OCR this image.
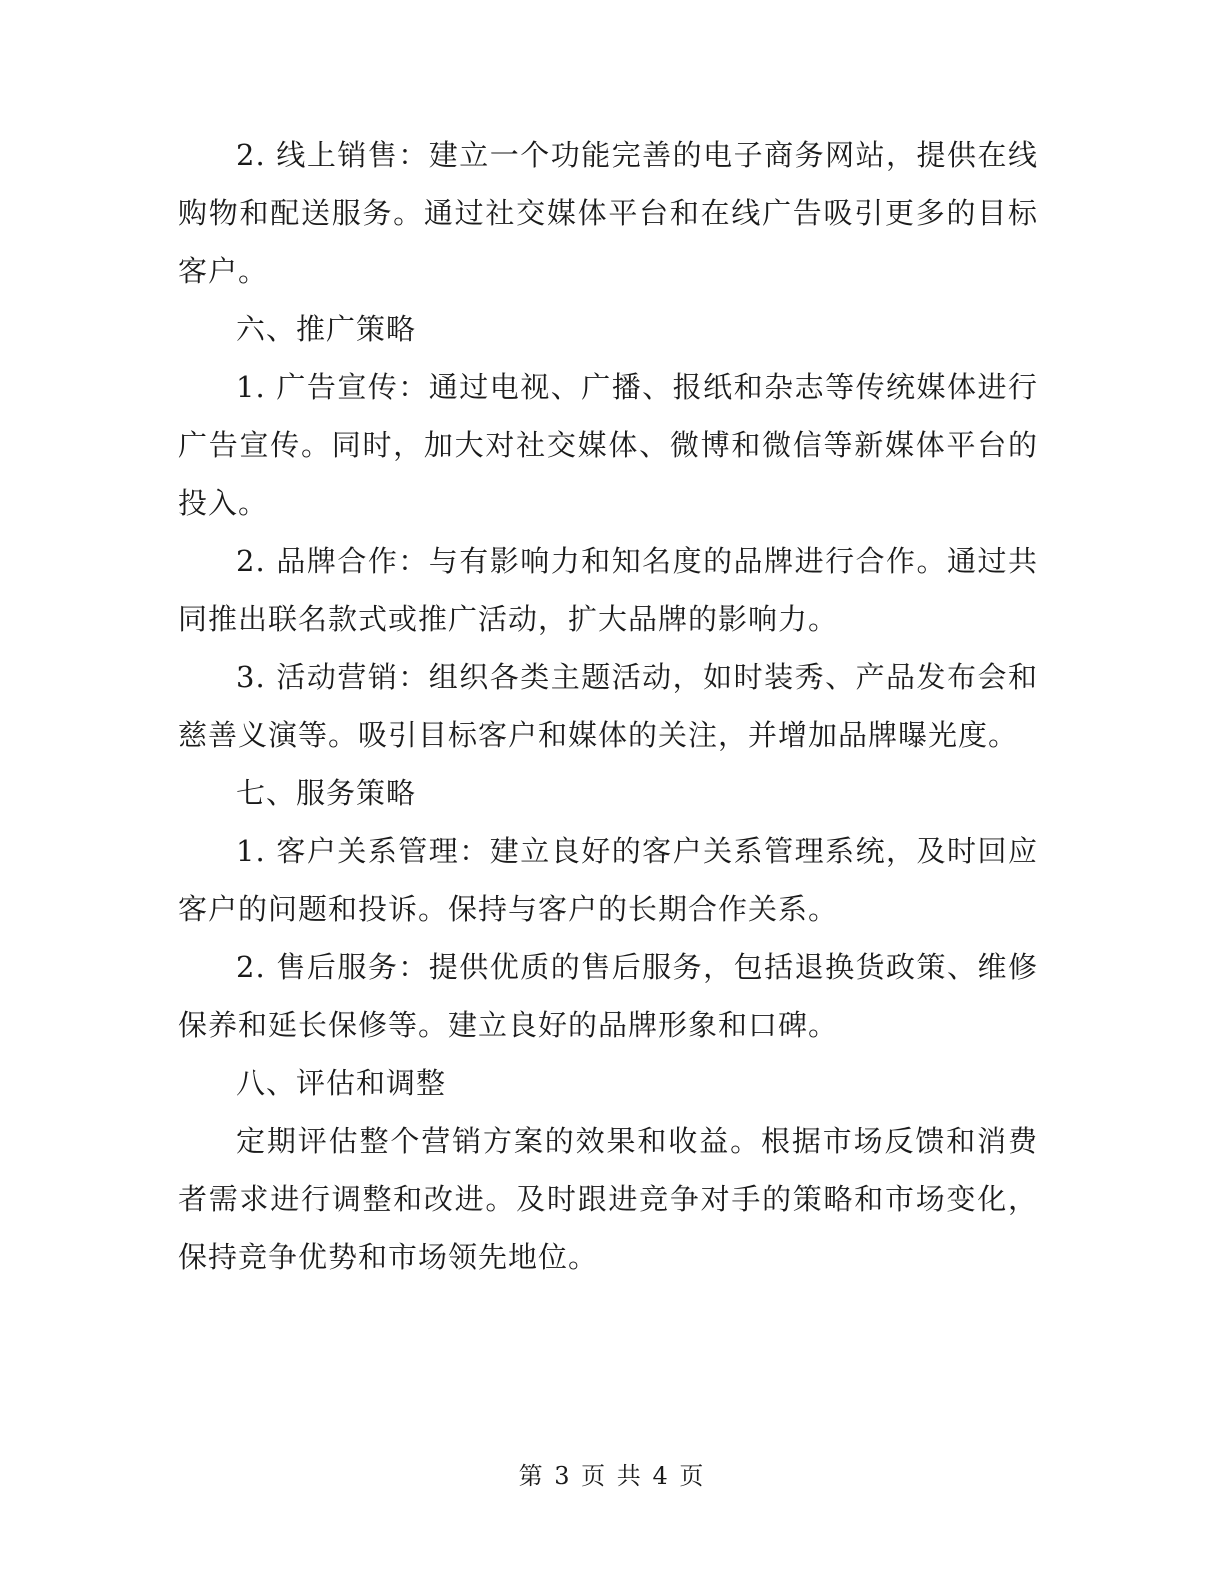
2. 线上销售：建立一个功能完善的电子商务网站，提供在线购物和配送服务。通过社交媒体平台和在线广告吸引更多的目标客户。

六、推广策略

1. 广告宣传：通过电视、广播、报纸和杂志等传统媒体进行广告宣传。同时，加大对社交媒体、微博和微信等新媒体平台的投入。

2. 品牌合作：与有影响力和知名度的品牌进行合作。通过共同推出联名款式或推广活动，扩大品牌的影响力。

3. 活动营销：组织各类主题活动，如时装秀、产品发布会和慈善义演等。吸引目标客户和媒体的关注，并增加品牌曝光度。

七、服务策略

1. 客户关系管理：建立良好的客户关系管理系统，及时回应客户的问题和投诉。保持与客户的长期合作关系。

2. 售后服务：提供优质的售后服务，包括退换货政策、维修保养和延长保修等。建立良好的品牌形象和口碑。

八、评估和调整

定期评估整个营销方案的效果和收益。根据市场反馈和消费者需求进行调整和改进。及时跟进竞争对手的策略和市场变化，保持竞争优势和市场领先地位。

第 3 页 共 4 页
